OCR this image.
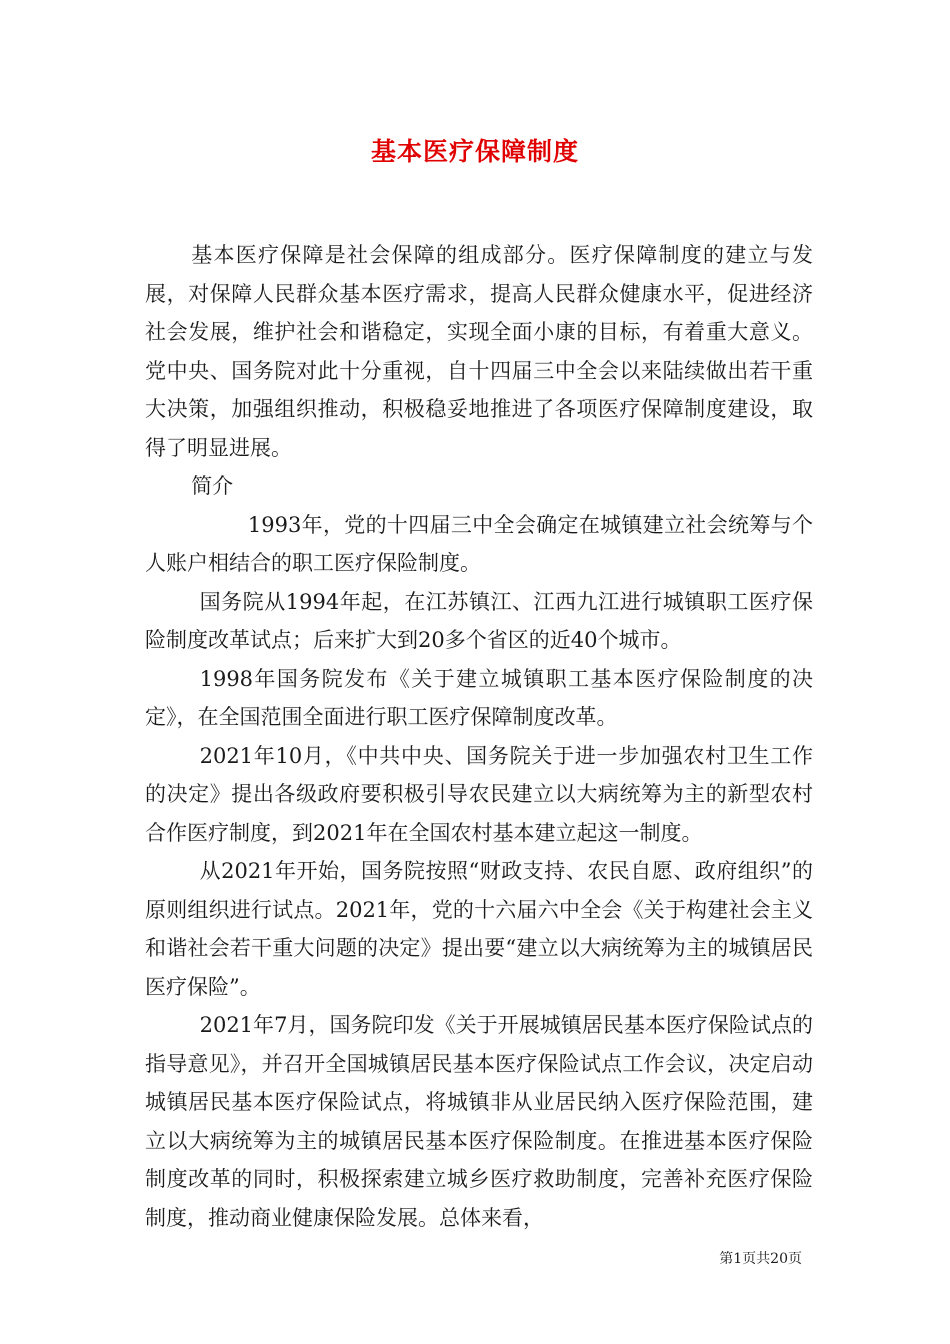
基本医疗保障制度

基本医疗保障是社会保障的组成部分。医疗保障制度的建立与发展，对保障人民群众基本医疗需求，提高人民群众健康水平，促进经济社会发展，维护社会和谐稳定，实现全面小康的目标，有着重大意义。党中央、国务院对此十分重视，自十四届三中全会以来陆续做出若干重大决策，加强组织推动，积极稳妥地推进了各项医疗保障制度建设，取得了明显进展。

简介

1993年，党的十四届三中全会确定在城镇建立社会统筹与个人账户相结合的职工医疗保险制度。

国务院从1994年起，在江苏镇江、江西九江进行城镇职工医疗保险制度改革试点；后来扩大到20多个省区的近40个城市。

1998年国务院发布《关于建立城镇职工基本医疗保险制度的决定》，在全国范围全面进行职工医疗保障制度改革。

2021年10月，《中共中央、国务院关于进一步加强农村卫生工作的决定》提出各级政府要积极引导农民建立以大病统筹为主的新型农村合作医疗制度，到2021年在全国农村基本建立起这一制度。

从2021年开始，国务院按照“财政支持、农民自愿、政府组织”的原则组织进行试点。2021年，党的十六届六中全会《关于构建社会主义和谐社会若干重大问题的决定》提出要“建立以大病统筹为主的城镇居民医疗保险”。

2021年7月，国务院印发《关于开展城镇居民基本医疗保险试点的指导意见》，并召开全国城镇居民基本医疗保险试点工作会议，决定启动城镇居民基本医疗保险试点，将城镇非从业居民纳入医疗保险范围，建立以大病统筹为主的城镇居民基本医疗保险制度。在推进基本医疗保险制度改革的同时，积极探索建立城乡医疗救助制度，完善补充医疗保险制度，推动商业健康保险发展。总体来看，

第1页共20页
